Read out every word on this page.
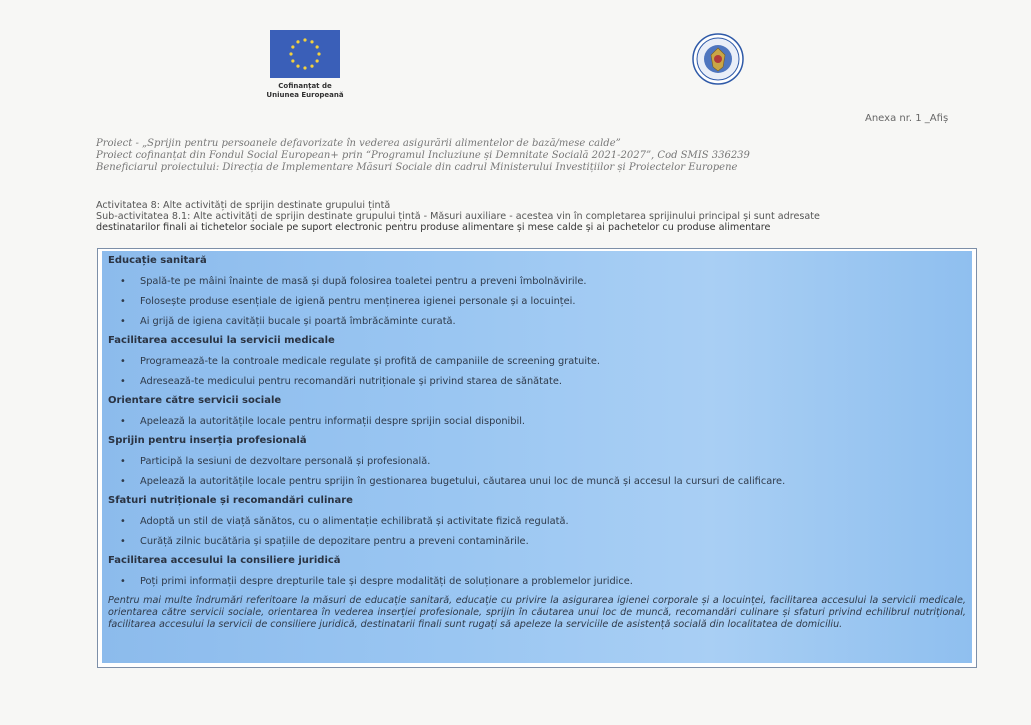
Cofinanțat de
Uniunea Europeană
Anexa nr. 1 _Afiș
Proiect - „Sprijin pentru persoanele defavorizate în vederea asigurării alimentelor de bază/mese calde”
Proiect cofinanțat din Fondul Social European+ prin “Programul Incluziune și Demnitate Socială 2021-2027”, Cod SMIS 336239
Beneficiarul proiectului: Direcția de Implementare Măsuri Sociale din cadrul Ministerului Investițiilor și Proiectelor Europene
Activitatea 8: Alte activități de sprijin destinate grupului țintă
Sub-activitatea 8.1: Alte activități de sprijin destinate grupului țintă - Măsuri auxiliare - acestea vin în completarea sprijinului principal și sunt adresate
destinatarilor finali ai tichetelor sociale pe suport electronic pentru produse alimentare și mese calde și ai pachetelor cu produse alimentare
Educație sanitară
• Spală-te pe mâini înainte de masă și după folosirea toaletei pentru a preveni îmbolnăvirile.
• Folosește produse esențiale de igienă pentru menținerea igienei personale și a locuinței.
• Ai grijă de igiena cavității bucale și poartă îmbrăcăminte curată.
Facilitarea accesului la servicii medicale
• Programează-te la controale medicale regulate și profită de campaniile de screening gratuite.
• Adresează-te medicului pentru recomandări nutriționale și privind starea de sănătate.
Orientare către servicii sociale
• Apelează la autoritățile locale pentru informații despre sprijin social disponibil.
Sprijin pentru inserția profesională
• Participă la sesiuni de dezvoltare personală și profesională.
• Apelează la autoritățile locale pentru sprijin în gestionarea bugetului, căutarea unui loc de muncă și accesul la cursuri de calificare.
Sfaturi nutriționale și recomandări culinare
• Adoptă un stil de viață sănătos, cu o alimentație echilibrată și activitate fizică regulată.
• Curăță zilnic bucătăria și spațiile de depozitare pentru a preveni contaminările.
Facilitarea accesului la consiliere juridică
• Poți primi informații despre drepturile tale și despre modalități de soluționare a problemelor juridice.
Pentru mai multe îndrumări referitoare la măsuri de educație sanitară, educație cu privire la asigurarea igienei corporale și a locuinței, facilitarea accesului la servicii medicale, orientarea către servicii sociale, orientarea în vederea inserției profesionale, sprijin în căutarea unui loc de muncă, recomandări culinare și sfaturi privind echilibrul nutrițional, facilitarea accesului la servicii de consiliere juridică, destinatarii finali sunt rugați să apeleze la serviciile de asistență socială din localitatea de domiciliu.
